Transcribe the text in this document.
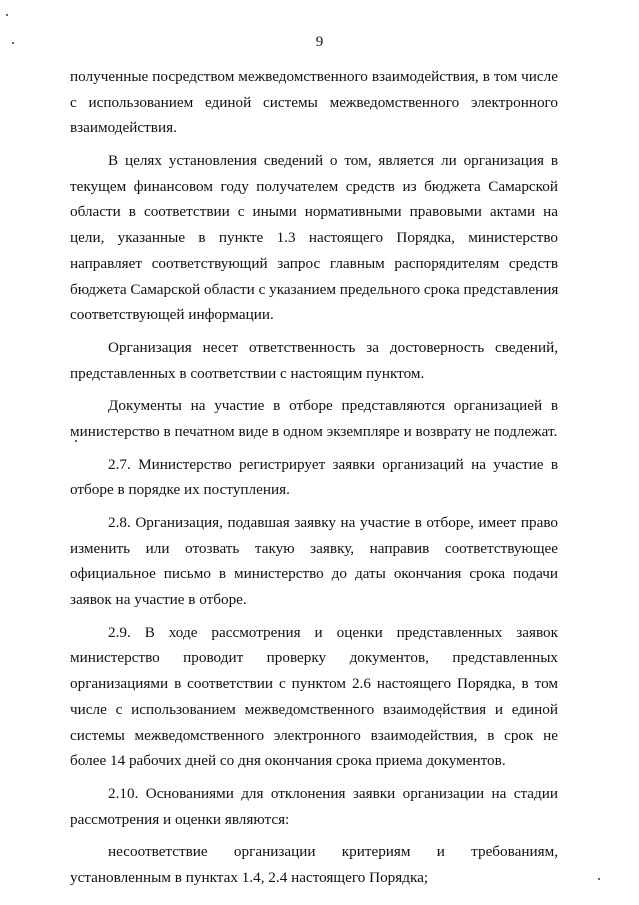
9
полученные посредством межведомственного взаимодействия, в том числе
с использованием единой системы межведомственного электронного
взаимодействия.
В целях установления сведений о том, является ли организация в
текущем финансовом году получателем средств из бюджета Самарской
области в соответствии с иными нормативными правовыми актами на
цели, указанные в пункте 1.3 настоящего Порядка, министерство
направляет соответствующий запрос главным распорядителям средств
бюджета Самарской области с указанием предельного срока представления
соответствующей информации.
Организация несет ответственность за достоверность сведений,
представленных в соответствии с настоящим пунктом.
Документы на участие в отборе представляются организацией в
министерство в печатном виде в одном экземпляре и возврату не подлежат.
2.7. Министерство регистрирует заявки организаций на участие в
отборе в порядке их поступления.
2.8. Организация, подавшая заявку на участие в отборе, имеет право
изменить или отозвать такую заявку, направив соответствующее
официальное письмо в министерство до даты окончания срока подачи
заявок на участие в отборе.
2.9. В ходе рассмотрения и оценки представленных заявок
министерство проводит проверку документов, представленных
организациями в соответствии с пунктом 2.6 настоящего Порядка, в том
числе с использованием межведомственного взаимодействия и единой
системы межведомственного электронного взаимодействия, в срок не
более 14 рабочих дней со дня окончания срока приема документов.
2.10. Основаниями для отклонения заявки организации на стадии
рассмотрения и оценки являются:
несоответствие организации критериям и требованиям,
установленным в пунктах 1.4, 2.4 настоящего Порядка;
